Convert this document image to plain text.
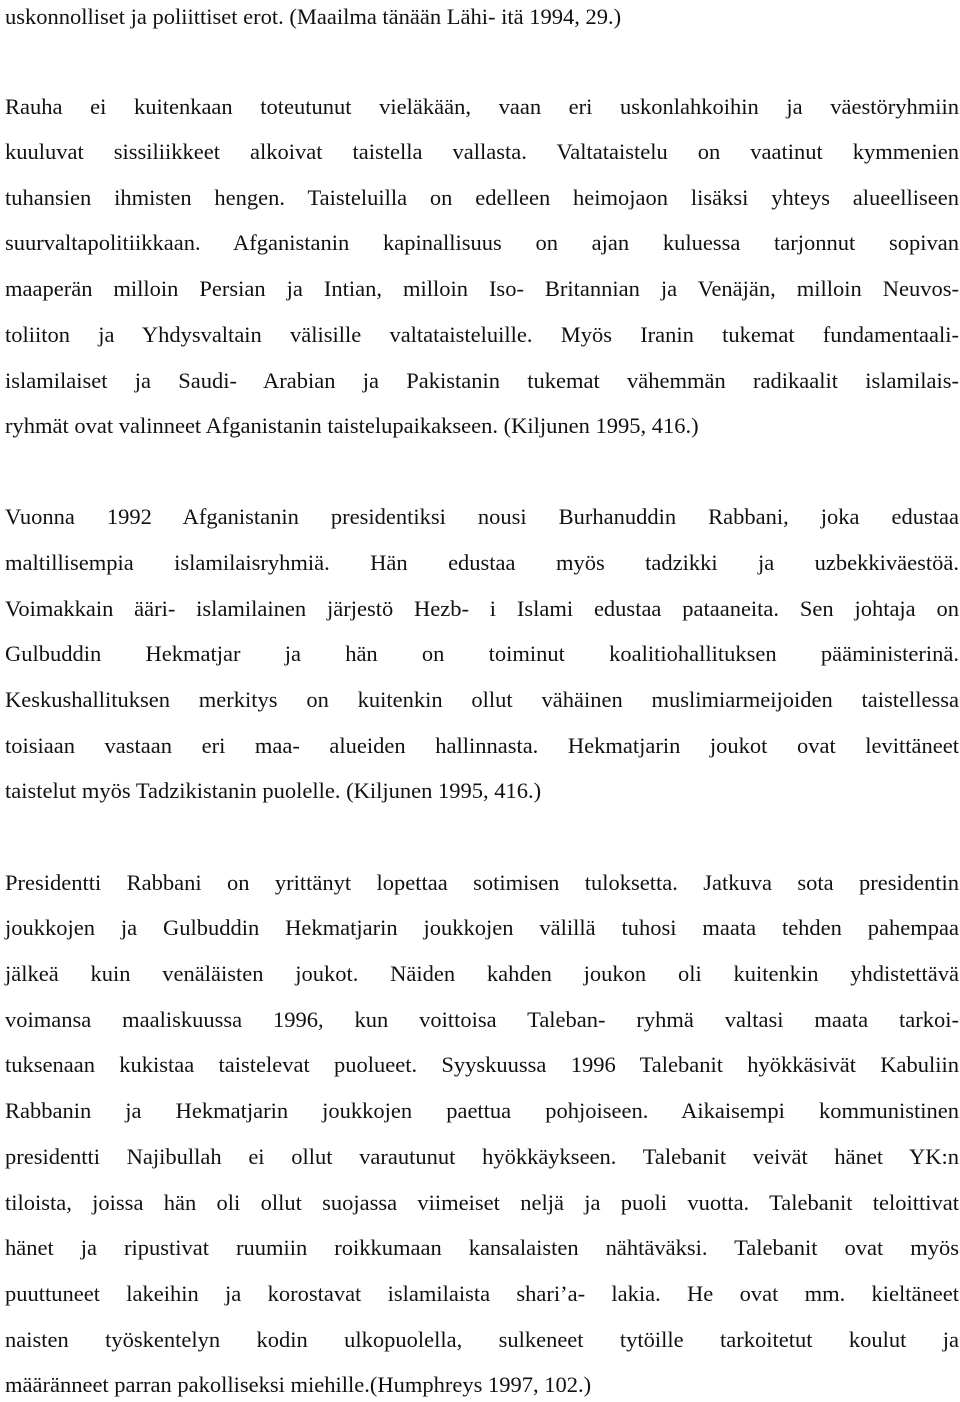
uskonnolliset ja poliittiset erot. (Maailma tänään Lähi- itä 1994, 29.)
Rauha ei kuitenkaan toteutunut vieläkään, vaan eri uskonlahkoihin ja väestöryhmiin
kuuluvat sissiliikkeet alkoivat taistella vallasta. Valtataistelu on vaatinut kymmenien
tuhansien ihmisten hengen. Taisteluilla on edelleen heimojaon lisäksi yhteys alueelliseen
suurvaltapolitiikkaan. Afganistanin kapinallisuus on ajan kuluessa tarjonnut sopivan
maaperän milloin Persian ja Intian, milloin Iso- Britannian ja Venäjän, milloin Neuvos-
toliiton ja Yhdysvaltain välisille valtataisteluille. Myös Iranin tukemat fundamentaali-
islamilaiset ja Saudi- Arabian ja Pakistanin tukemat vähemmän radikaalit islamilais-
ryhmät ovat valinneet Afganistanin taistelupaikakseen. (Kiljunen 1995, 416.)
Vuonna 1992 Afganistanin presidentiksi nousi Burhanuddin Rabbani, joka edustaa
maltillisempia islamilaisryhmiä. Hän edustaa myös tadzikki ja uzbekkiväestöä.
Voimakkain ääri- islamilainen järjestö Hezb- i Islami edustaa pataaneita. Sen johtaja on
Gulbuddin Hekmatjar ja hän on toiminut koalitiohallituksen pääministerinä.
Keskushallituksen merkitys on kuitenkin ollut vähäinen muslimiarmeijoiden taistellessa
toisiaan vastaan eri maa- alueiden hallinnasta. Hekmatjarin joukot ovat levittäneet
taistelut myös Tadzikistanin puolelle. (Kiljunen 1995, 416.)
Presidentti Rabbani on yrittänyt lopettaa sotimisen tuloksetta. Jatkuva sota presidentin
joukkojen ja Gulbuddin Hekmatjarin joukkojen välillä tuhosi maata tehden pahempaa
jälkeä kuin venäläisten joukot. Näiden kahden joukon oli kuitenkin yhdistettävä
voimansa maaliskuussa 1996, kun voittoisa Taleban- ryhmä valtasi maata tarkoi-
tuksenaan kukistaa taistelevat puolueet. Syyskuussa 1996 Talebanit hyökkäsivät Kabuliin
Rabbanin ja Hekmatjarin joukkojen paettua pohjoiseen. Aikaisempi kommunistinen
presidentti Najibullah ei ollut varautunut hyökkäykseen. Talebanit veivät hänet YK:n
tiloista, joissa hän oli ollut suojassa viimeiset neljä ja puoli vuotta. Talebanit teloittivat
hänet ja ripustivat ruumiin roikkumaan kansalaisten nähtäväksi. Talebanit ovat myös
puuttuneet lakeihin ja korostavat islamilaista shari’a- lakia. He ovat mm. kieltäneet
naisten työskentelyn kodin ulkopuolella, sulkeneet tytöille tarkoitetut koulut ja
määränneet parran pakolliseksi miehille.(Humphreys 1997, 102.)
